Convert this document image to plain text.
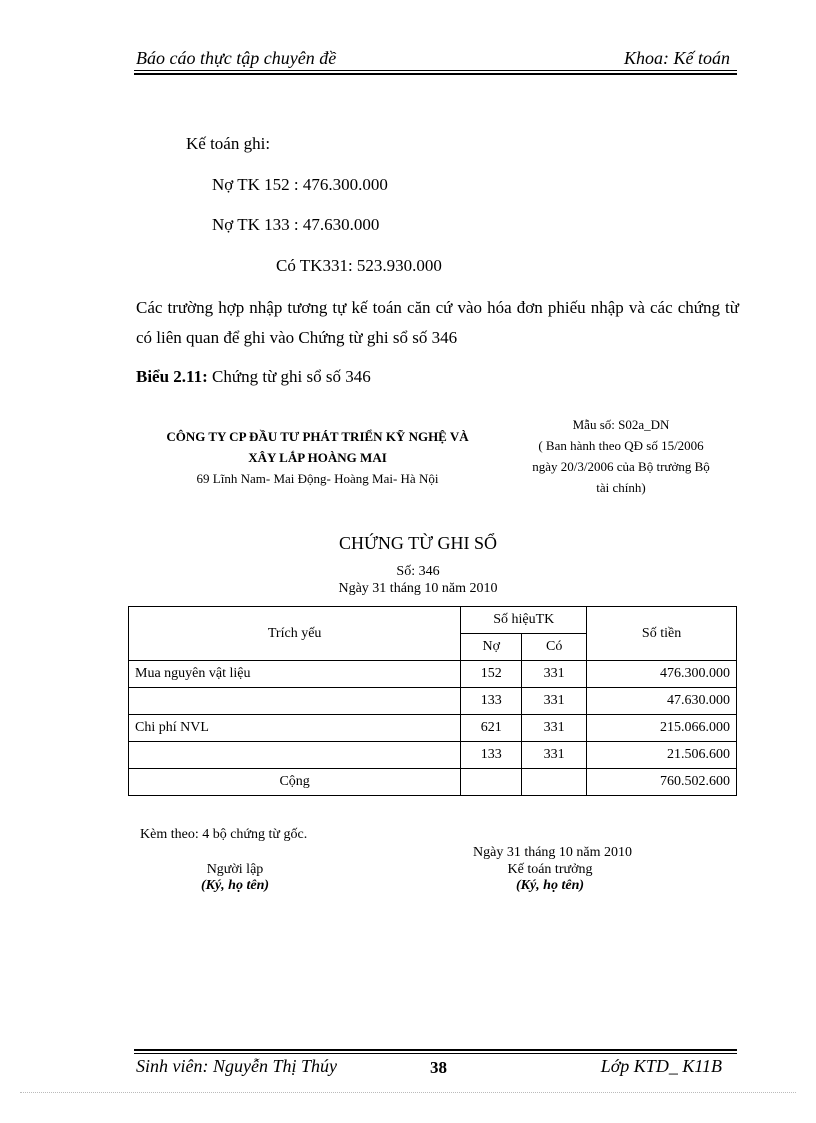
Báo cáo thực tập chuyên đề	Khoa: Kế toán
Kế toán ghi:
Nợ TK 152 : 476.300.000
Nợ TK 133 : 47.630.000
Có TK331: 523.930.000
Các trường hợp nhập tương tự kế toán căn cứ vào hóa đơn phiếu nhập và các chứng từ có liên quan để ghi vào Chứng từ ghi sổ số 346
Biểu 2.11: Chứng từ ghi sổ số 346
CÔNG TY CP ĐẦU TƯ PHÁT TRIỂN KỸ NGHỆ VÀ
XÂY LẮP HOÀNG MAI
69 Lĩnh Nam- Mai Động- Hoàng Mai- Hà Nội
Mẫu số: S02a_DN
( Ban hành theo QĐ số 15/2006
ngày 20/3/2006 của Bộ trưởng Bộ
tài chính)
CHỨNG TỪ GHI SỔ
Số: 346
Ngày 31 tháng 10 năm 2010
Trích yếu	Số hiệuTK		Số tiền
	Nợ	Có	
Mua nguyên vật liệu	152	331	476.300.000
	133	331	47.630.000
Chi phí NVL	621	331	215.066.000
	133	331	21.506.600
Cộng			760.502.600
Kèm theo: 4 bộ chứng từ gốc.
Ngày 31 tháng 10 năm 2010
Người lập
(Ký, họ tên)
Kế toán trưởng
(Ký, họ tên)
Sinh viên: Nguyễn Thị Thúy	38	Lớp KTD_ K11B
